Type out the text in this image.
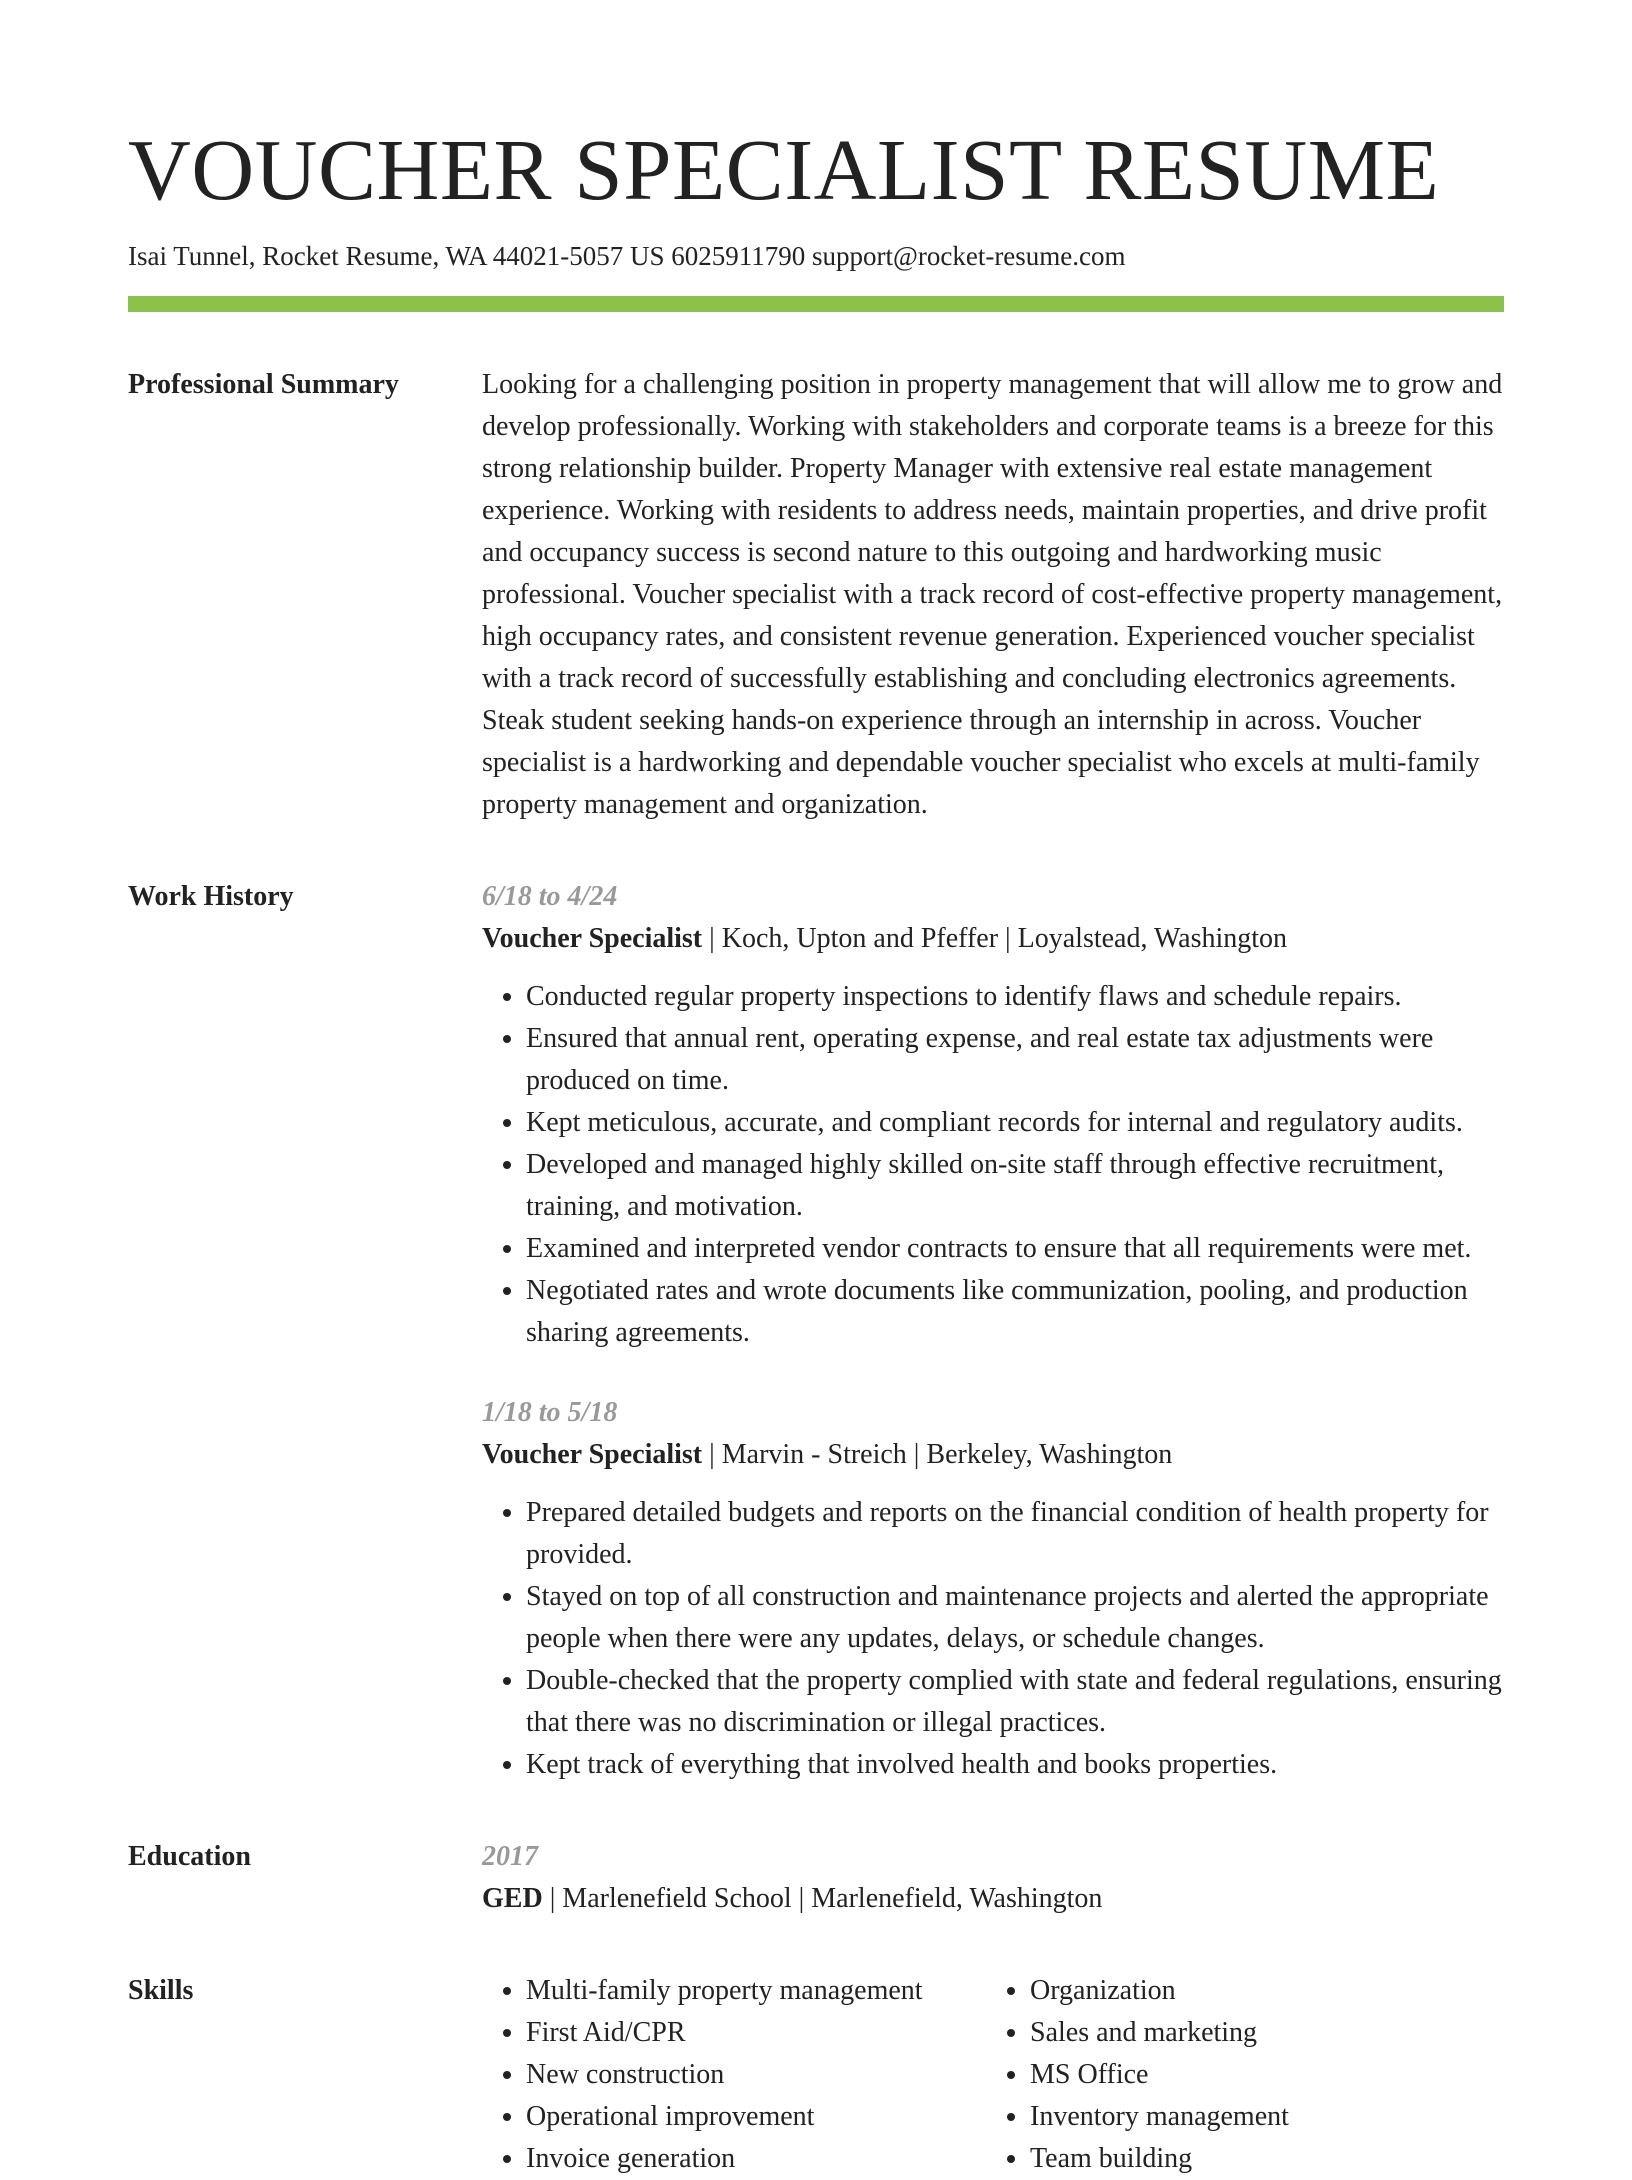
VOUCHER SPECIALIST RESUME
Isai Tunnel, Rocket Resume, WA 44021-5057 US 6025911790 support@rocket-resume.com
Professional Summary	Looking for a challenging position in property management that will allow me to grow and develop professionally. Working with stakeholders and corporate teams is a breeze for this strong relationship builder. Property Manager with extensive real estate management experience. Working with residents to address needs, maintain properties, and drive profit and occupancy success is second nature to this outgoing and hardworking music professional. Voucher specialist with a track record of cost-effective property management, high occupancy rates, and consistent revenue generation. Experienced voucher specialist with a track record of successfully establishing and concluding electronics agreements. Steak student seeking hands-on experience through an internship in across. Voucher specialist is a hardworking and dependable voucher specialist who excels at multi-family property management and organization.

Work History	6/18 to 4/24
Voucher Specialist | Koch, Upton and Pfeffer | Loyalstead, Washington
• Conducted regular property inspections to identify flaws and schedule repairs.
• Ensured that annual rent, operating expense, and real estate tax adjustments were produced on time.
• Kept meticulous, accurate, and compliant records for internal and regulatory audits.
• Developed and managed highly skilled on-site staff through effective recruitment, training, and motivation.
• Examined and interpreted vendor contracts to ensure that all requirements were met.
• Negotiated rates and wrote documents like communization, pooling, and production sharing agreements.
1/18 to 5/18
Voucher Specialist | Marvin - Streich | Berkeley, Washington
• Prepared detailed budgets and reports on the financial condition of health property for provided.
• Stayed on top of all construction and maintenance projects and alerted the appropriate people when there were any updates, delays, or schedule changes.
• Double-checked that the property complied with state and federal regulations, ensuring that there was no discrimination or illegal practices.
• Kept track of everything that involved health and books properties.
Education	2017
GED | Marlenefield School | Marlenefield, Washington
Skills
•	Multi-family property management
• First Aid/CPR
• New construction
• Operational improvement
• Invoice generation
• Organization
• Sales and marketing
• MS Office
• Inventory management
• Team building
